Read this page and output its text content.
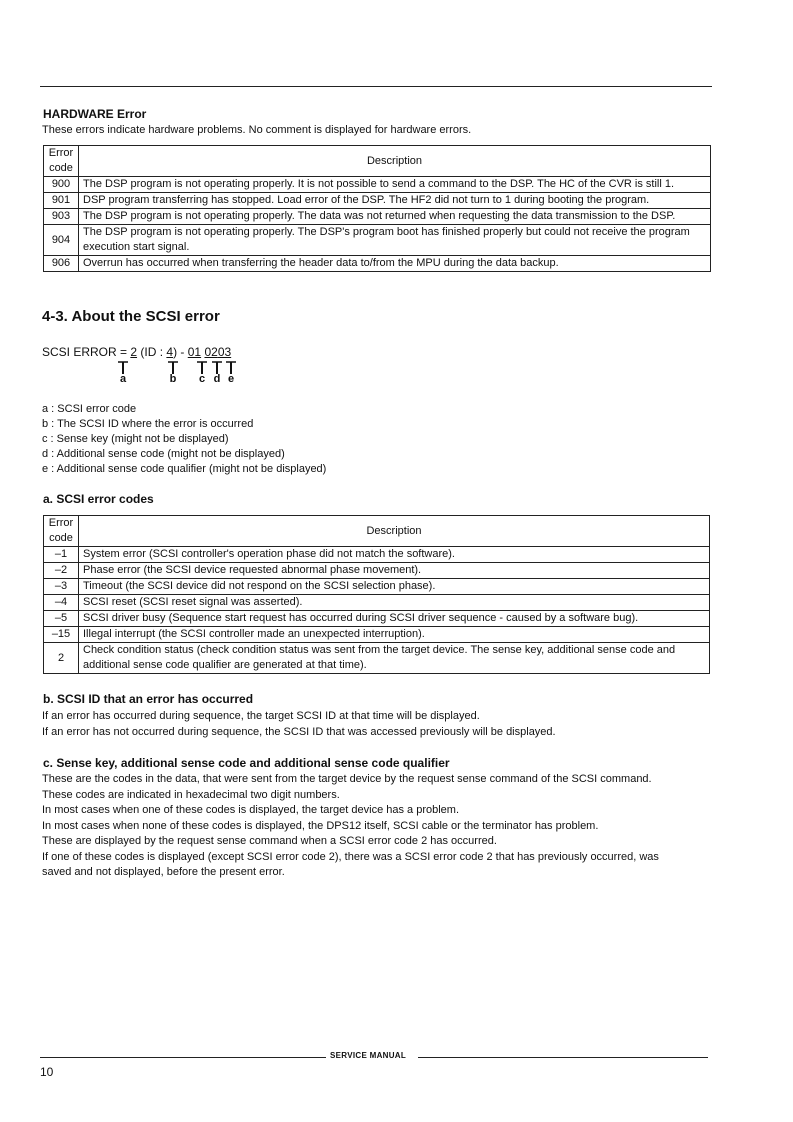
HARDWARE Error

These errors indicate hardware problems. No comment is displayed for hardware errors.

Error code	Description
900	The DSP program is not operating properly. It is not possible to send a command to the DSP. The HC of the CVR is still 1.
901	DSP program transferring has stopped. Load error of the DSP. The HF2 did not turn to 1 during booting the program.
903	The DSP program is not operating properly. The data was not returned when requesting the data transmission to the DSP.
904	The DSP program is not operating properly. The DSP's program boot has finished properly but could not receive the program execution start signal.
906	Overrun has occurred when transferring the header data to/from the MPU during the data backup.
4-3. About the SCSI error
SCSI ERROR = 2 (ID : 4) - 01 0203
a	b c d e
a : SCSI error code
b : The SCSI ID where the error is occurred
c : Sense key (might not be displayed)
d : Additional sense code (might not be displayed)
e : Additional sense code qualifier (might not be displayed)
a. SCSI error codes
Error code	Description
–1	System error (SCSI controller's operation phase did not match the software).
–2	Phase error (the SCSI device requested abnormal phase movement).
–3	Timeout (the SCSI device did not respond on the SCSI selection phase).
–4	SCSI reset (SCSI reset signal was asserted).
–5	SCSI driver busy (Sequence start request has occurred during SCSI driver sequence - caused by a software bug).
–15	Illegal interrupt (the SCSI controller made an unexpected interruption).
2	Check condition status (check condition status was sent from the target device. The sense key, additional sense code and additional sense code qualifier are generated at that time).
b. SCSI ID that an error has occurred

If an error has occurred during sequence, the target SCSI ID at that time will be displayed.

If an error has not occurred during sequence, the SCSI ID that was accessed previously will be displayed.

c. Sense key, additional sense code and additional sense code qualifier

These are the codes in the data, that were sent from the target device by the request sense command of the SCSI command.

These codes are indicated in hexadecimal two digit numbers.

In most cases when one of these codes is displayed, the target device has a problem.

In most cases when none of these codes is displayed, the DPS12 itself, SCSI cable or the terminator has problem.

These are displayed by the request sense command when a SCSI error code 2 has occurred.

If one of these codes is displayed (except SCSI error code 2), there was a SCSI error code 2 that has previously occurred, was

saved and not displayed, before the present error.

SERVICE MANUAL
10
